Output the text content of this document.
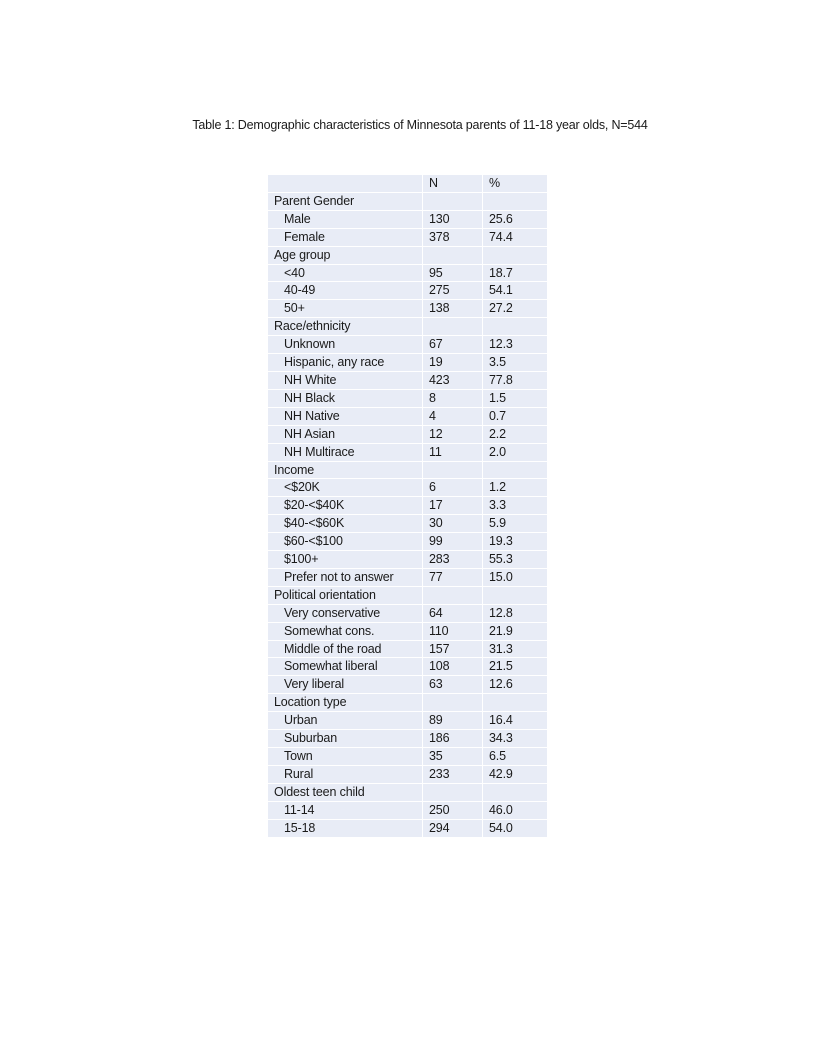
Table 1: Demographic characteristics of Minnesota parents of 11-18 year olds, N=544
	N	%
Parent Gender		
Male	130	25.6
Female	378	74.4
Age group		
<40	95	18.7
40-49	275	54.1
50+	138	27.2
Race/ethnicity		
Unknown	67	12.3
Hispanic, any race	19	3.5
NH White	423	77.8
NH Black	8	1.5
NH Native	4	0.7
NH Asian	12	2.2
NH Multirace	11	2.0
Income		
<$20K	6	1.2
$20-<$40K	17	3.3
$40-<$60K	30	5.9
$60-<$100	99	19.3
$100+	283	55.3
Prefer not to answer	77	15.0
Political orientation		
Very conservative	64	12.8
Somewhat cons.	110	21.9
Middle of the road	157	31.3
Somewhat liberal	108	21.5
Very liberal	63	12.6
Location type		
Urban	89	16.4
Suburban	186	34.3
Town	35	6.5
Rural	233	42.9
Oldest teen child		
11-14	250	46.0
15-18	294	54.0
